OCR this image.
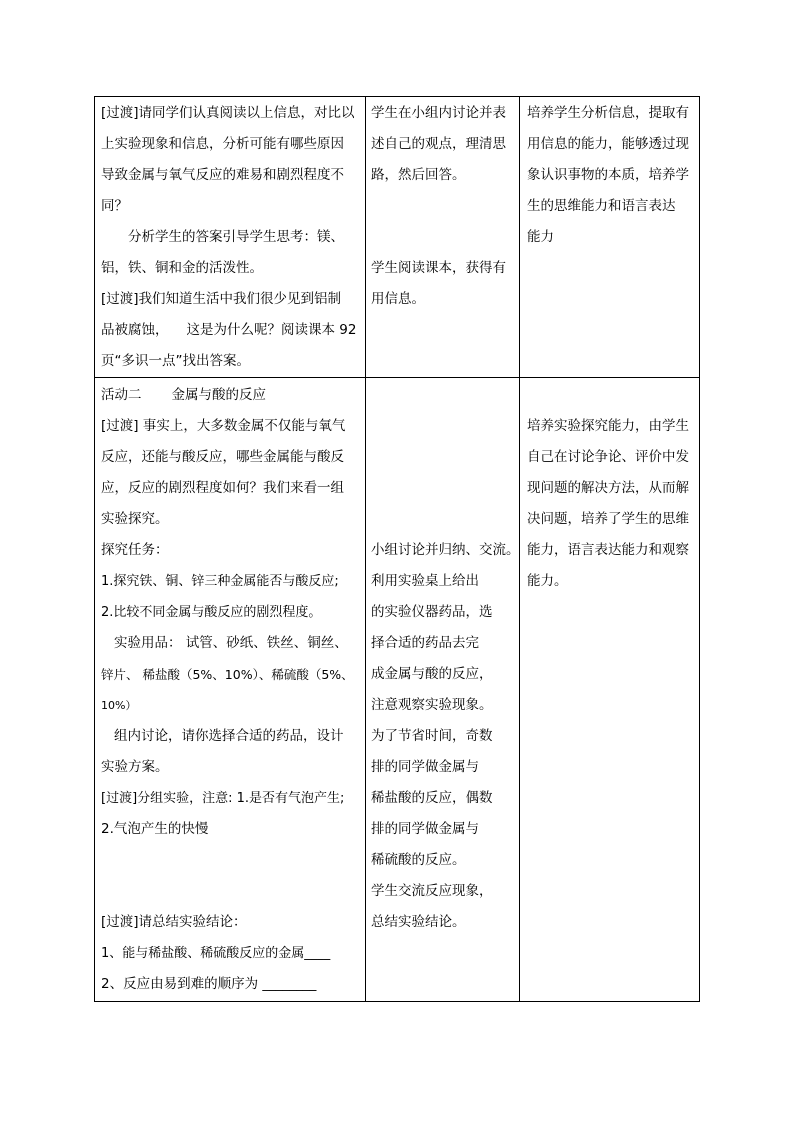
[过渡]请同学们认真阅读以上信息，对比以
上实验现象和信息，分析可能有哪些原因
导致金属与氧气反应的难易和剧烈程度不
同？
分析学生的答案引导学生思考：镁、
铝，铁、铜和金的活泼性。
[过渡]我们知道生活中我们很少见到铝制
品被腐蚀， 这是为什么呢？阅读课本 92
页“多识一点”找出答案。
学生在小组内讨论并表
述自己的观点，理清思
路，然后回答。
学生阅读课本，获得有
用信息。
培养学生分析信息，提取有
用信息的能力，能够透过现
象认识事物的本质，培养学
生的思维能力和语言表达
能力
活动二 金属与酸的反应
[过渡] 事实上，大多数金属不仅能与氧气
反应，还能与酸反应，哪些金属能与酸反
应，反应的剧烈程度如何？我们来看一组
实验探究。
探究任务：
1.探究铁、铜、锌三种金属能否与酸反应;
2.比较不同金属与酸反应的剧烈程度。
实验用品： 试管、砂纸、铁丝、铜丝、
锌片、 稀盐酸（5%、10%）、稀硫酸（5%、
10%）
组内讨论，请你选择合适的药品，设计
实验方案。
[过渡]分组实验，注意: 1.是否有气泡产生;
2.气泡产生的快慢
[过渡]请总结实验结论：
1、能与稀盐酸、稀硫酸反应的金属____
2、反应由易到难的顺序为 ________
小组讨论并归纳、交流。
利用实验桌上给出
的实验仪器药品，选
择合适的药品去完
成金属与酸的反应，
注意观察实验现象。
为了节省时间，奇数
排的同学做金属与
稀盐酸的反应，偶数
排的同学做金属与
稀硫酸的反应。
学生交流反应现象，
总结实验结论。
培养实验探究能力，由学生
自己在讨论争论、评价中发
现问题的解决方法，从而解
决问题，培养了学生的思维
能力，语言表达能力和观察
能力。
